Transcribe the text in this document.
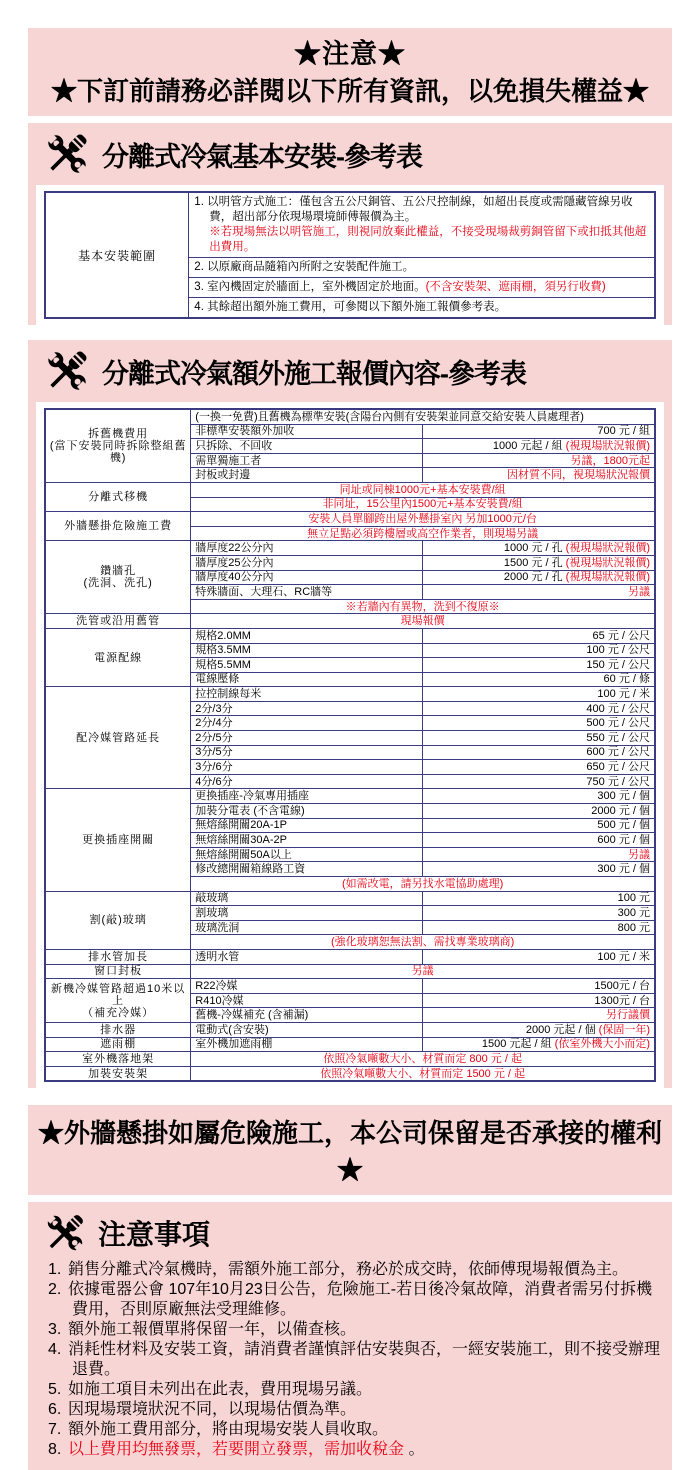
★注意★
★下訂前請務必詳閱以下所有資訊，以免損失權益★
分離式冷氣基本安裝-參考表
基本安裝範圍	
1. 以明管方式施工：僅包含五公尺銅管、五公尺控制線，如超出長度或需隱藏管線另收費，超出部分依現場環境師傅報價為主。
※若現場無法以明管施工，則視同放棄此權益，不接受現場裁剪銅管留下或扣抵其他超出費用。

2. 以原廠商品隨箱內所附之安裝配件施工。

3. 室內機固定於牆面上，室外機固定於地面。(不含安裝架、遮雨棚，須另行收費)

4. 其餘超出額外施工費用，可參閱以下額外施工報價參考表。
分離式冷氣額外施工報價內容-參考表
拆舊機費用
(當下安裝同時拆除整組舊機)	(一換一免費)且舊機為標準安裝(含陽台內側有安裝架並同意交給安裝人員處理者)	
	非標準安裝額外加收	700 元 / 組
	只拆除、不回收	1000 元起 / 組 (視現場狀況報價)
	需單獨施工者	另議，1800元起
	封板或封邊	因材質不同，視現場狀況報價

分離式移機	同址或同棟1000元+基本安裝費/組	
	非同址，15公里內1500元+基本安裝費/組	

外牆懸掛危險施工費	安裝人員單腳跨出屋外懸掛室內 另加1000元/台	
	無立足點必須跨樓層或高空作業者，則現場另議	

鑽牆孔
(洗洞、洗孔)	牆厚度22公分內	1000 元 / 孔 (視現場狀況報價)
	牆厚度25公分內	1500 元 / 孔 (視現場狀況報價)
	牆厚度40公分內	2000 元 / 孔 (視現場狀況報價)
	特殊牆面、大理石、RC牆等	另議
	※若牆內有異物，洗到不復原※	

洗管或沿用舊管	現場報價	

電源配線	規格2.0MM	65 元 / 公尺
	規格3.5MM	100 元 / 公尺
	規格5.5MM	150 元 / 公尺
	電線壓條	60 元 / 條

配冷媒管路延長	拉控制線每米	100 元 / 米
	2分/3分	400 元 / 公尺
	2分/4分	500 元 / 公尺
	2分/5分	550 元 / 公尺
	3分/5分	600 元 / 公尺
	3分/6分	650 元 / 公尺
	4分/6分	750 元 / 公尺

更換插座開關	更換插座-冷氣專用插座	300 元 / 個
	加裝分電表 (不含電線)	2000 元 / 個
	無熔絲開關20A-1P	500 元 / 個
	無熔絲開關30A-2P	600 元 / 個
	無熔絲開關50A以上	另議
	修改總開關箱線路工資	300 元 / 個
	(如需改電，請另找水電協助處理)	

割(敲)玻璃	敲玻璃	100 元
	割玻璃	300 元
	玻璃洗洞	800 元
	(強化玻璃恕無法割、需找專業玻璃商)	

排水管加長	透明水管	100 元 / 米

窗口封板	另議	

新機冷媒管路超過10米以上
（補充冷媒）	R22冷媒	1500元 / 台
	R410冷媒	1300元 / 台
	舊機-冷媒補充 (含補漏)	另行議價

排水器	電動式(含安裝)	2000 元起 / 個 (保固一年)

遮雨棚	室外機加遮雨棚	1500 元起 / 組 (依室外機大小而定)

室外機落地架	依照冷氣噸數大小、材質而定 800 元 / 起	

加裝安裝架	依照冷氣噸數大小、材質而定 1500 元 / 起	
★外牆懸掛如屬危險施工，本公司保留是否承接的權利★
注意事項
1. 銷售分離式冷氣機時，需額外施工部分，務必於成交時，依師傅現場報價為主。
2. 依據電器公會 107年10月23日公告，危險施工-若日後冷氣故障，消費者需另付拆機費用，否則原廠無法受理維修。
3. 額外施工報價單將保留一年，以備查核。
4. 消耗性材料及安裝工資，請消費者謹慎評估安裝與否，一經安裝施工，則不接受辦理退費。
5. 如施工項目未列出在此表，費用現場另議。
6. 因現場環境狀況不同，以現場估價為準。
7. 額外施工費用部分，將由現場安裝人員收取。
8. 以上費用均無發票，若要開立發票，需加收稅金 。
